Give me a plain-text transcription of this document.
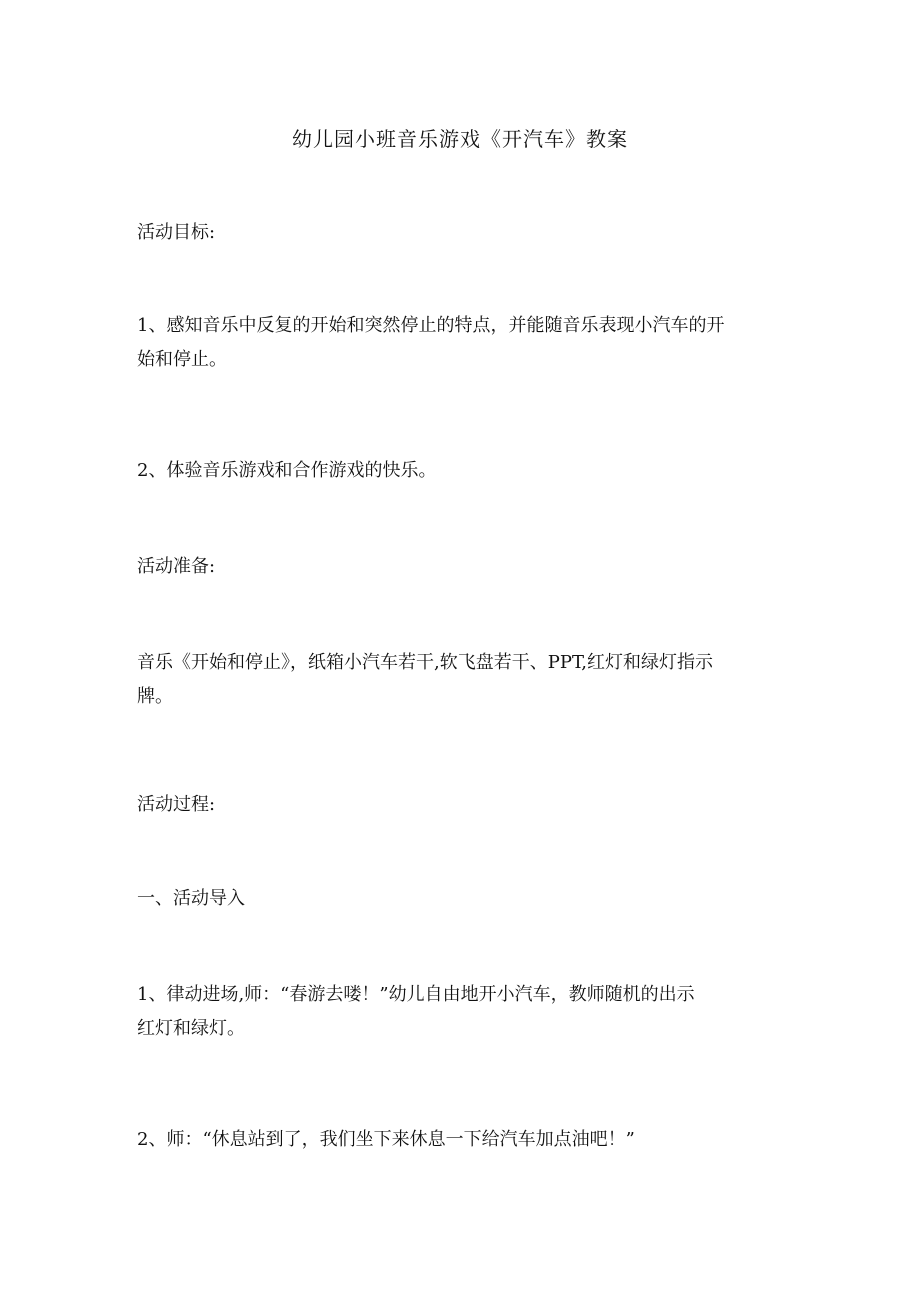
幼儿园小班音乐游戏《开汽车》教案

活动目标:

1、感知音乐中反复的开始和突然停止的特点，并能随音乐表现小汽车的开
始和停止。

2、体验音乐游戏和合作游戏的快乐。

活动准备:

音乐《开始和停止》，纸箱小汽车若干,软飞盘若干、PPT,红灯和绿灯指示
牌。

活动过程:

一、活动导入

1、律动进场,师：“春游去喽！”幼儿自由地开小汽车，教师随机的出示
红灯和绿灯。

2、师：“休息站到了，我们坐下来休息一下给汽车加点油吧！”
